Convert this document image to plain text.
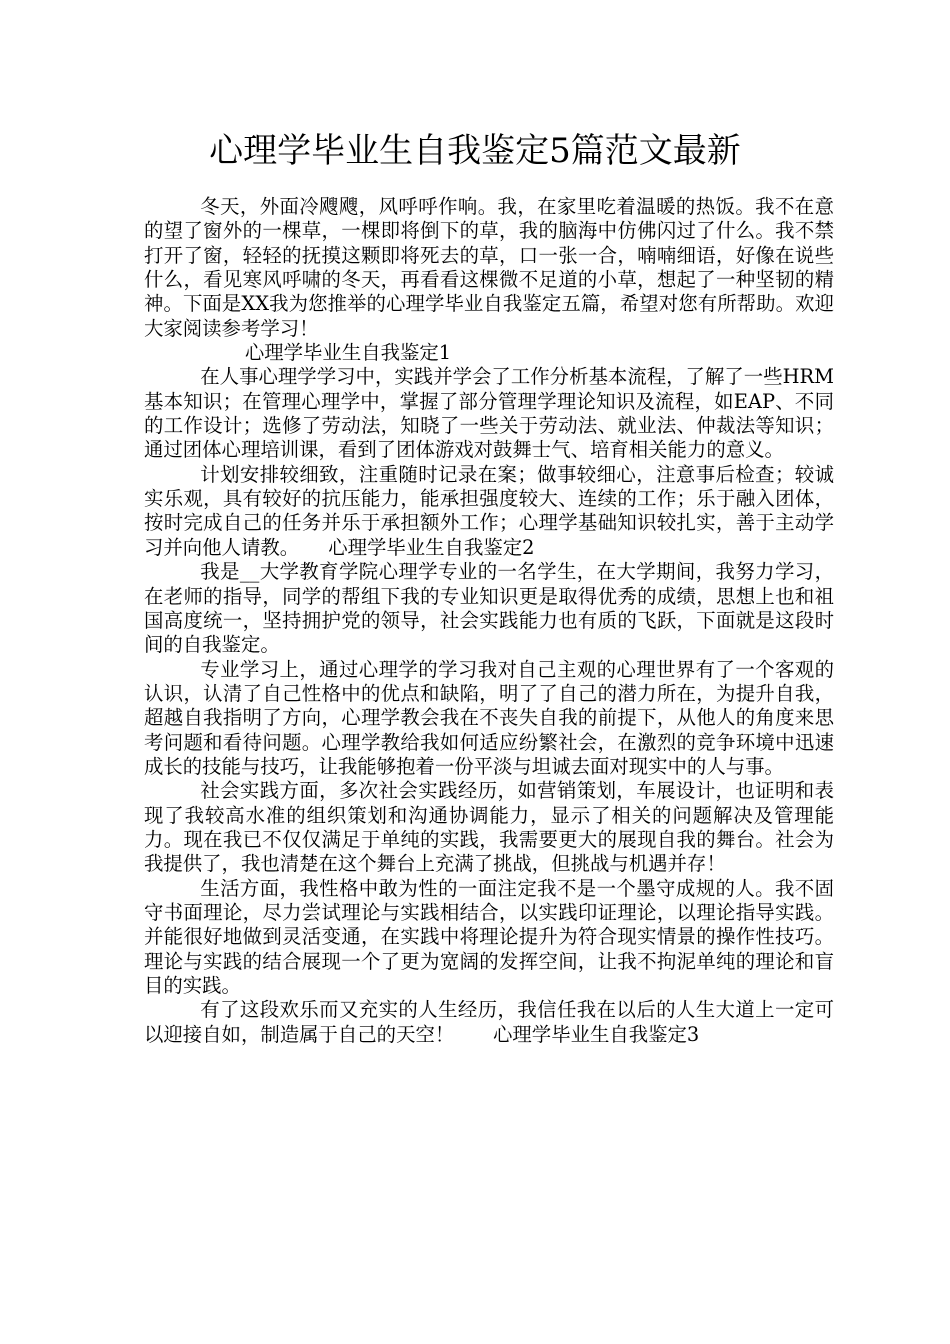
心理学毕业生自我鉴定5篇范文最新

冬天，外面冷飕飕，风呼呼作响。我，在家里吃着温暖的热饭。我不在意的望了窗外的一棵草，一棵即将倒下的草，我的脑海中仿佛闪过了什么。我不禁打开了窗，轻轻的抚摸这颗即将死去的草，口一张一合，喃喃细语，好像在说些什么，看见寒风呼啸的冬天，再看看这棵微不足道的小草，想起了一种坚韧的精神。下面是XX我为您推举的心理学毕业自我鉴定五篇，希望对您有所帮助。欢迎大家阅读参考学习！

心理学毕业生自我鉴定1

在人事心理学学习中，实践并学会了工作分析基本流程，了解了一些HRM基本知识；在管理心理学中，掌握了部分管理学理论知识及流程，如EAP、不同的工作设计；选修了劳动法，知晓了一些关于劳动法、就业法、仲裁法等知识；通过团体心理培训课，看到了团体游戏对鼓舞士气、培育相关能力的意义。

计划安排较细致，注重随时记录在案；做事较细心，注意事后检查；较诚实乐观，具有较好的抗压能力，能承担强度较大、连续的工作；乐于融入团体，按时完成自己的任务并乐于承担额外工作；心理学基础知识较扎实，善于主动学习并向他人请教。　　心理学毕业生自我鉴定2

我是__大学教育学院心理学专业的一名学生，在大学期间，我努力学习，在老师的指导，同学的帮组下我的专业知识更是取得优秀的成绩，思想上也和祖国高度统一，坚持拥护党的领导，社会实践能力也有质的飞跃，下面就是这段时间的自我鉴定。

专业学习上，通过心理学的学习我对自己主观的心理世界有了一个客观的认识，认清了自己性格中的优点和缺陷，明了了自己的潜力所在，为提升自我，超越自我指明了方向，心理学教会我在不丧失自我的前提下，从他人的角度来思考问题和看待问题。心理学教给我如何适应纷繁社会，在激烈的竞争环境中迅速成长的技能与技巧，让我能够抱着一份平淡与坦诚去面对现实中的人与事。

社会实践方面，多次社会实践经历，如营销策划，车展设计，也证明和表现了我较高水准的组织策划和沟通协调能力，显示了相关的问题解决及管理能力。现在我已不仅仅满足于单纯的实践，我需要更大的展现自我的舞台。社会为我提供了，我也清楚在这个舞台上充满了挑战，但挑战与机遇并存！

生活方面，我性格中敢为性的一面注定我不是一个墨守成规的人。我不固守书面理论，尽力尝试理论与实践相结合，以实践印证理论，以理论指导实践。并能很好地做到灵活变通，在实践中将理论提升为符合现实情景的操作性技巧。理论与实践的结合展现一个了更为宽阔的发挥空间，让我不拘泥单纯的理论和盲目的实践。

有了这段欢乐而又充实的人生经历，我信任我在以后的人生大道上一定可以迎接自如，制造属于自己的天空！　　心理学毕业生自我鉴定3
